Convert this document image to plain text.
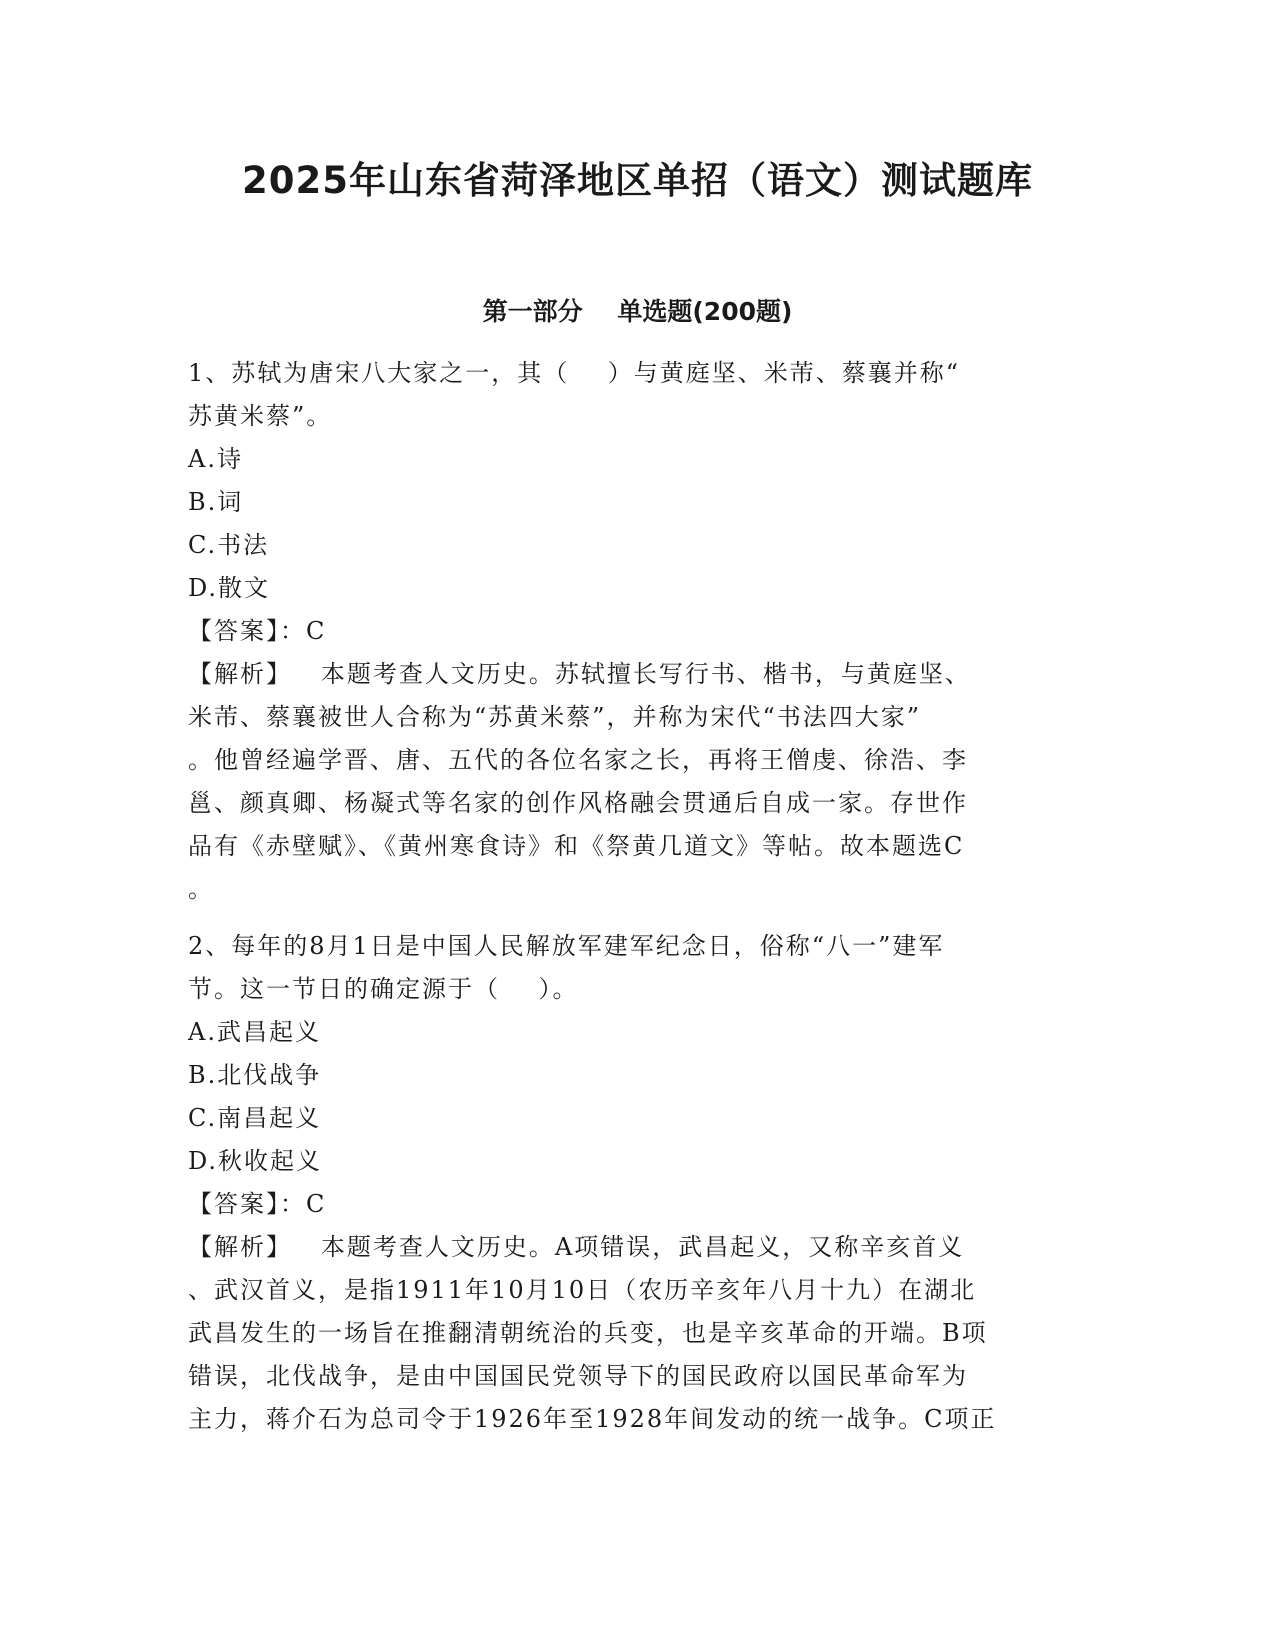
2025年山东省菏泽地区单招（语文）测试题库
第一部分    单选题(200题)
1、苏轼为唐宋八大家之一，其（    ）与黄庭坚、米芾、蔡襄并称“
苏黄米蔡”。
A.诗
B.词
C.书法
D.散文
【答案】：C
【解析】   本题考查人文历史。苏轼擅长写行书、楷书，与黄庭坚、
米芾、蔡襄被世人合称为“苏黄米蔡”，并称为宋代“书法四大家”
。他曾经遍学晋、唐、五代的各位名家之长，再将王僧虔、徐浩、李
邕、颜真卿、杨凝式等名家的创作风格融会贯通后自成一家。存世作
品有《赤壁赋》、《黄州寒食诗》和《祭黄几道文》等帖。故本题选C
。
2、每年的8月1日是中国人民解放军建军纪念日，俗称“八一”建军
节。这一节日的确定源于（    ）。
A.武昌起义
B.北伐战争
C.南昌起义
D.秋收起义
【答案】：C
【解析】   本题考查人文历史。A项错误，武昌起义，又称辛亥首义
、武汉首义，是指1911年10月10日（农历辛亥年八月十九）在湖北
武昌发生的一场旨在推翻清朝统治的兵变，也是辛亥革命的开端。B项
错误，北伐战争，是由中国国民党领导下的国民政府以国民革命军为
主力，蒋介石为总司令于1926年至1928年间发动的统一战争。C项正
